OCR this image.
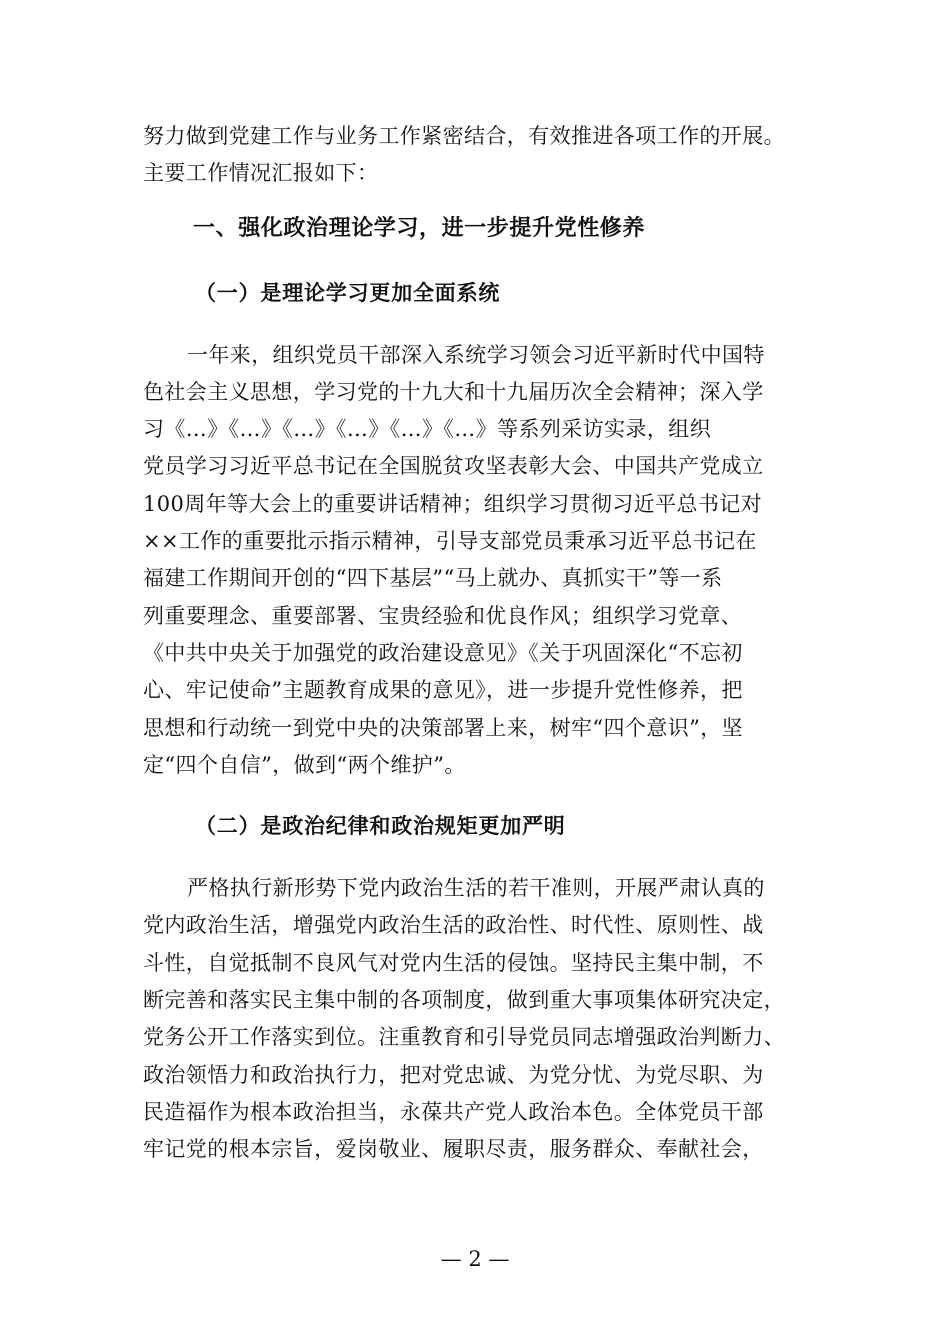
努力做到党建工作与业务工作紧密结合，有效推进各项工作的开展。
主要工作情况汇报如下：
一、强化政治理论学习，进一步提升党性修养
（一）是理论学习更加全面系统
一年来，组织党员干部深入系统学习领会习近平新时代中国特
色社会主义思想，学习党的十九大和十九届历次全会精神；深入学
习《…》《…》《…》《…》《…》《…》等系列采访实录，组织
党员学习习近平总书记在全国脱贫攻坚表彰大会、中国共产党成立
100周年等大会上的重要讲话精神；组织学习贯彻习近平总书记对
××工作的重要批示指示精神，引导支部党员秉承习近平总书记在
福建工作期间开创的“四下基层”“马上就办、真抓实干”等一系
列重要理念、重要部署、宝贵经验和优良作风；组织学习党章、
《中共中央关于加强党的政治建设意见》《关于巩固深化“不忘初
心、牢记使命”主题教育成果的意见》，进一步提升党性修养，把
思想和行动统一到党中央的决策部署上来，树牢“四个意识”，坚
定“四个自信”，做到“两个维护”。
（二）是政治纪律和政治规矩更加严明
严格执行新形势下党内政治生活的若干准则，开展严肃认真的
党内政治生活，增强党内政治生活的政治性、时代性、原则性、战
斗性，自觉抵制不良风气对党内生活的侵蚀。坚持民主集中制，不
断完善和落实民主集中制的各项制度，做到重大事项集体研究决定，
党务公开工作落实到位。注重教育和引导党员同志增强政治判断力、
政治领悟力和政治执行力，把对党忠诚、为党分忧、为党尽职、为
民造福作为根本政治担当，永葆共产党人政治本色。全体党员干部
牢记党的根本宗旨，爱岗敬业、履职尽责，服务群众、奉献社会，
— 2 —
